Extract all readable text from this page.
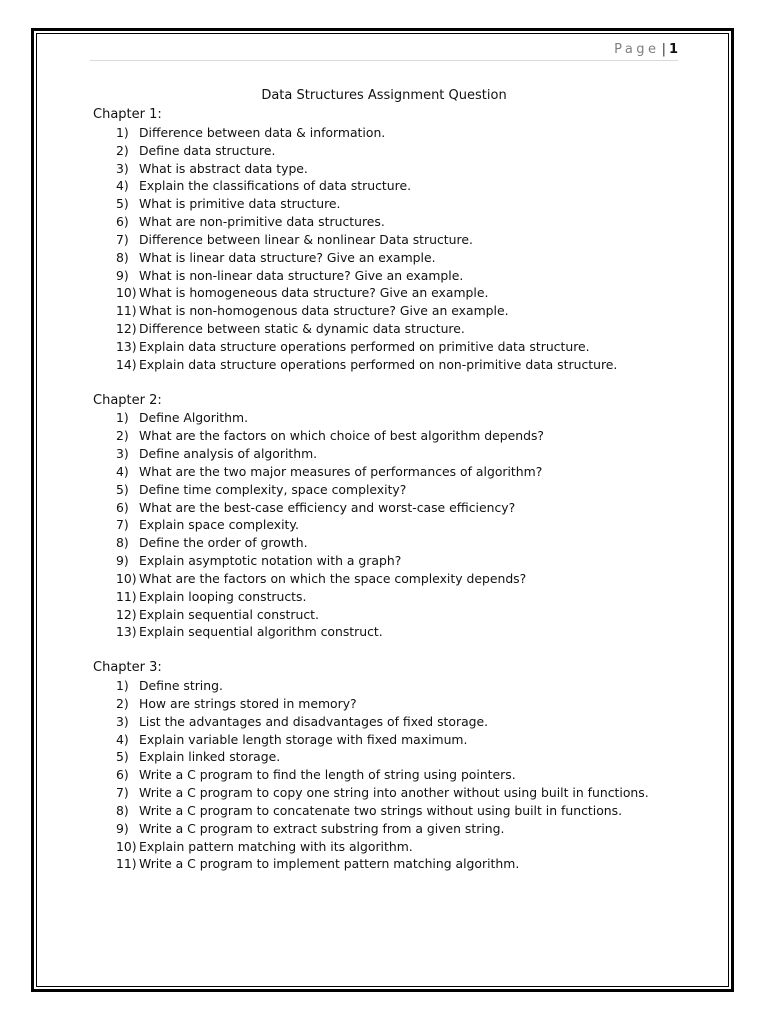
Page | 1
Data Structures Assignment Question
Chapter 1:
1) Difference between data & information.
2) Define data structure.
3) What is abstract data type.
4) Explain the classifications of data structure.
5) What is primitive data structure.
6) What are non-primitive data structures.
7) Difference between linear & nonlinear Data structure.
8) What is linear data structure? Give an example.
9) What is non-linear data structure? Give an example.
10) What is homogeneous data structure? Give an example.
11) What is non-homogenous data structure? Give an example.
12) Difference between static & dynamic data structure.
13) Explain data structure operations performed on primitive data structure.
14) Explain data structure operations performed on non-primitive data structure.
Chapter 2:
1) Define Algorithm.
2) What are the factors on which choice of best algorithm depends?
3) Define analysis of algorithm.
4) What are the two major measures of performances of algorithm?
5) Define time complexity, space complexity?
6) What are the best-case efficiency and worst-case efficiency?
7) Explain space complexity.
8) Define the order of growth.
9) Explain asymptotic notation with a graph?
10) What are the factors on which the space complexity depends?
11) Explain looping constructs.
12) Explain sequential construct.
13) Explain sequential algorithm construct.
Chapter 3:
1) Define string.
2) How are strings stored in memory?
3) List the advantages and disadvantages of fixed storage.
4) Explain variable length storage with fixed maximum.
5) Explain linked storage.
6) Write a C program to find the length of string using pointers.
7) Write a C program to copy one string into another without using built in functions.
8) Write a C program to concatenate two strings without using built in functions.
9) Write a C program to extract substring from a given string.
10) Explain pattern matching with its algorithm.
11) Write a C program to implement pattern matching algorithm.
